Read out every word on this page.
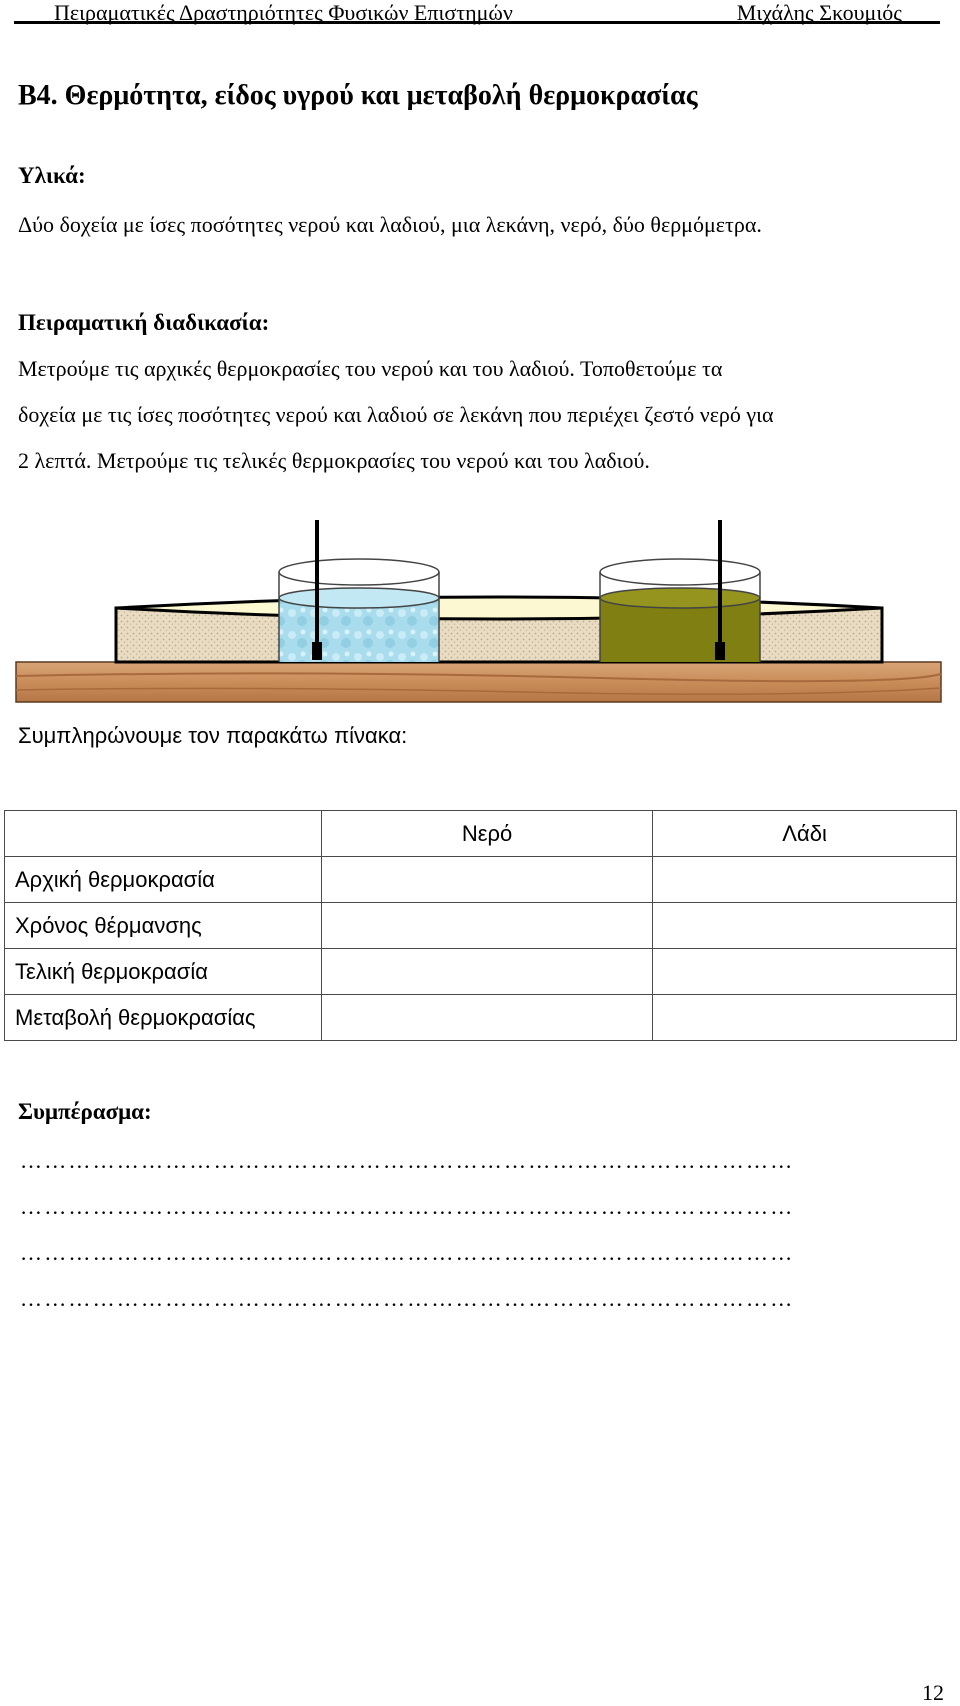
Πειραματικές Δραστηριότητες Φυσικών Επιστημών	Μιχάλης Σκουμιός
Β4. Θερμότητα, είδος υγρού και μεταβολή θερμοκρασίας
Υλικά:
Δύο δοχεία με ίσες ποσότητες νερού και λαδιού, μια λεκάνη, νερό, δύο θερμόμετρα.
Πειραματική διαδικασία:
Μετρούμε τις αρχικές θερμοκρασίες του νερού και του λαδιού. Τοποθετούμε τα
δοχεία με τις ίσες ποσότητες νερού και λαδιού σε λεκάνη που περιέχει ζεστό νερό για
2 λεπτά. Μετρούμε τις τελικές θερμοκρασίες του νερού και του λαδιού.
Συμπληρώνουμε τον παρακάτω πίνακα:
	Νερό	Λάδι
Αρχική θερμοκρασία		
Χρόνος θέρμανσης		
Τελική θερμοκρασία		
Μεταβολή θερμοκρασίας		
Συμπέρασμα:
……………………………………………………………………………………
……………………………………………………………………………………
……………………………………………………………………………………
……………………………………………………………………………………
12
